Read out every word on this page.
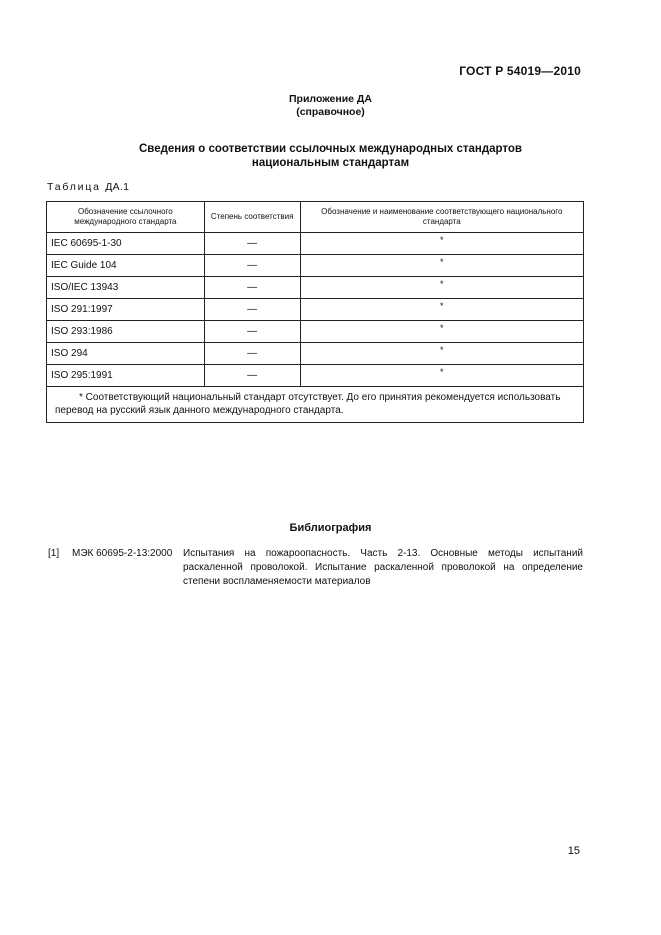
ГОСТ Р 54019—2010
Приложение ДА
(справочное)
Сведения о соответствии ссылочных международных стандартов
национальным стандартам
Таблица ДА.1
Обозначение ссылочного международного стандарта	Степень соответствия	Обозначение и наименование соответствующего национального стандарта
IEC 60695-1-30	—	*
IEC Guide 104	—	*
ISO/IEC 13943	—	*
ISO 291:1997	—	*
ISO 293:1986	—	*
ISO 294	—	*
ISO 295:1991	—	*
* Соответствующий национальный стандарт отсутствует. До его принятия рекомендуется использовать перевод на русский язык данного международного стандарта.		
Библиография
[1] МЭК 60695-2-13:2000 Испытания на пожароопасность. Часть 2-13. Основные методы испытаний раскаленной проволокой. Испытание раскаленной проволокой на определение степени воспламеняемости материалов
15
